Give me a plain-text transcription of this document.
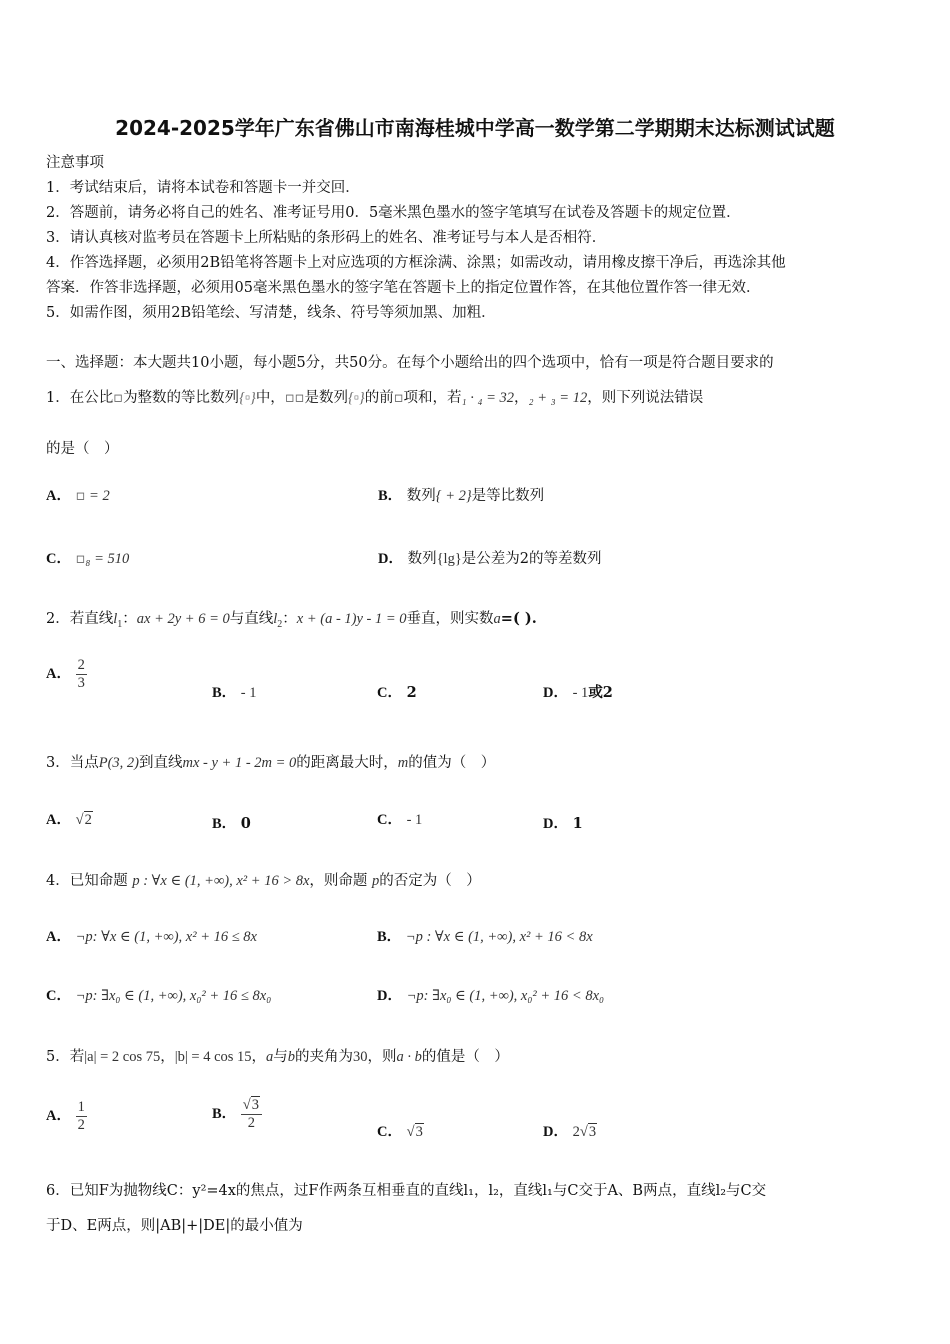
2024-2025学年广东省佛山市南海桂城中学高一数学第二学期期末达标测试试题
注意事项
1．考试结束后，请将本试卷和答题卡一并交回．
2．答题前，请务必将自己的姓名、准考证号用0．5毫米黑色墨水的签字笔填写在试卷及答题卡的规定位置．
3．请认真核对监考员在答题卡上所粘贴的条形码上的姓名、准考证号与本人是否相符．
4．作答选择题，必须用2B铅笔将答题卡上对应选项的方框涂满、涂黑；如需改动，请用橡皮擦干净后，再选涂其他
答案．作答非选择题，必须用05毫米黑色墨水的签字笔在答题卡上的指定位置作答，在其他位置作答一律无效．
5．如需作图，须用2B铅笔绘、写清楚，线条、符号等须加黑、加粗．
一、选择题：本大题共10小题，每小题5分，共50分。在每个小题给出的四个选项中，恰有一项是符合题目要求的
1．在公比▫为整数的等比数列{▫}中，▫▫是数列{▫}的前▫项和，若₁ · ₄ = 32，₂ + ₃ = 12，则下列说法错误
的是（　）
A． ▫ = 2	B． 数列{ + 2}是等比数列
C． ▫₈ = 510	D． 数列{lg}是公差为2的等差数列
2．若直线$l_1$：ax + 2y + 6 = 0与直线$l_2$：x + (a - 1)y - 1 = 0垂直，则实数a=( ).
A． $\frac{2}{3}$
B． - 1	C． 2	D． - 1或2
3．当点P(3, 2)到直线mx - y + 1 - 2m = 0的距离最大时，m的值为（　）
A． √2	B． 0	C． - 1	D． 1
4．已知命题 p : ∀x ∈ (1, +∞), x² + 16 > 8x，则命题 p的否定为（　）
A． ¬p: ∀x ∈ (1, +∞), x² + 16 ≤ 8x	B． ¬p : ∀x ∈ (1, +∞), x² + 16 < 8x
C． ¬p: ∃x₀ ∈ (1, +∞), x₀² + 16 ≤ 8x₀	D． ¬p: ∃x₀ ∈ (1, +∞), x₀² + 16 < 8x₀
5．若|a| = 2 cos 75，|b| = 4 cos 15，a与b的夹角为30，则a · b的值是（　）
A． $\frac{1}{2}$	B． $\frac{√3}{2}$
C． √3	D． 2√3
6．已知F为抛物线C：y²=4x的焦点，过F作两条互相垂直的直线l₁，l₂，直线l₁与C交于A、B两点，直线l₂与C交
于D、E两点，则|AB|+|DE|的最小值为
